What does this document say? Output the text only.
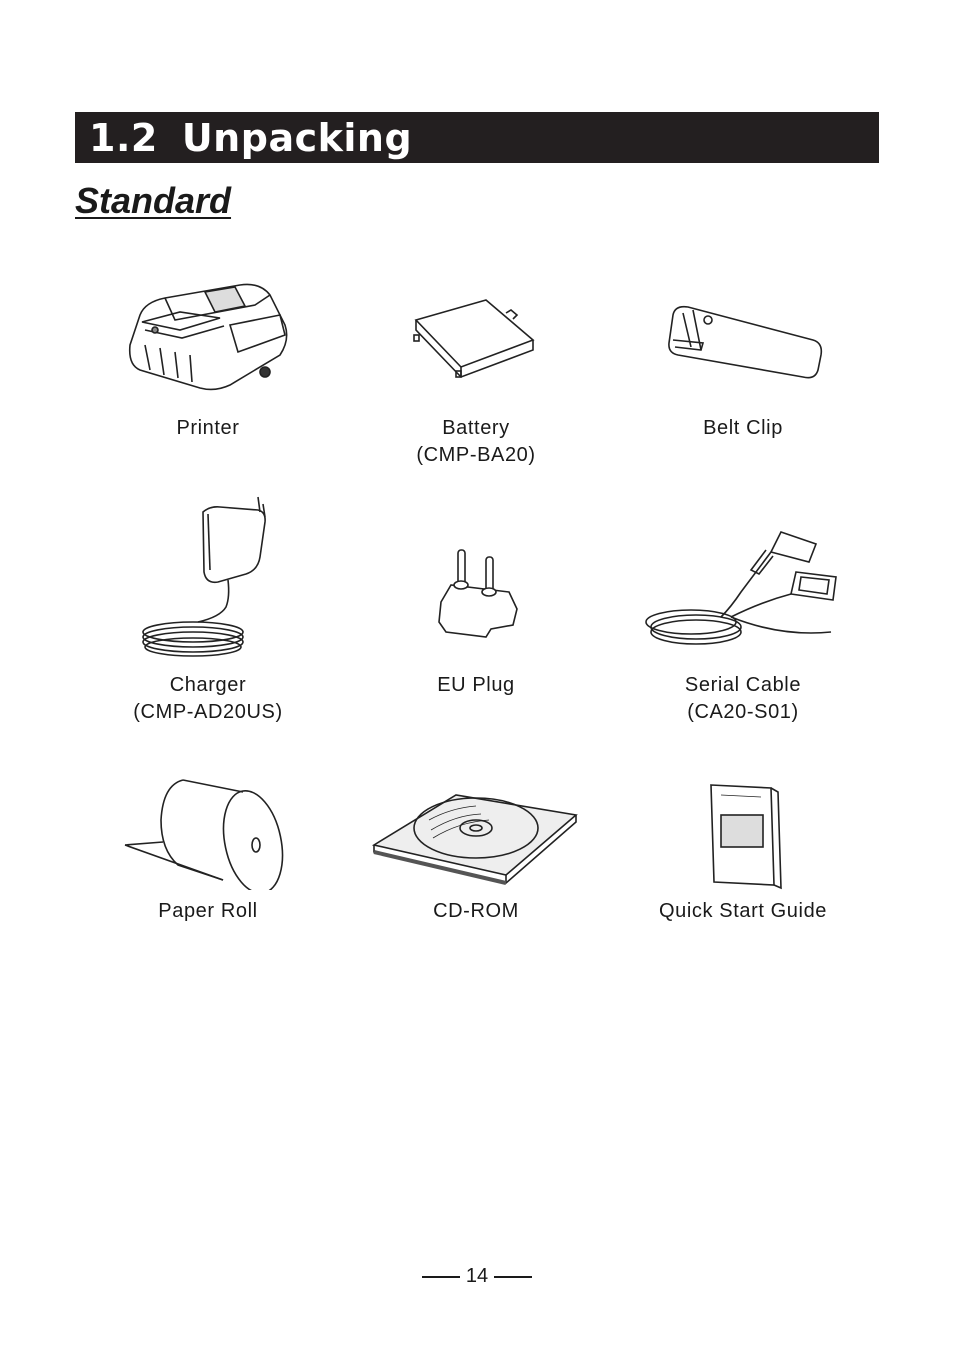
1.2 Unpacking
Standard
Printer	Battery
(CMP-BA20)
Belt Clip
Charger
(CMP-AD20US)
EU Plug	Serial Cable
(CA20-S01)
Paper Roll	CD-ROM	Quick Start Guide
14
